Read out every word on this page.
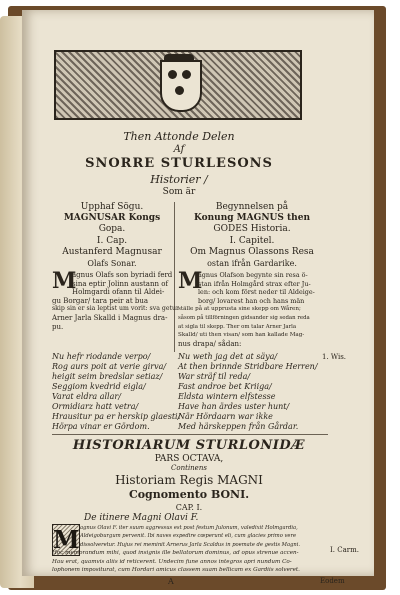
Then Attonde Delen
Af
SNORRE STURLESONS
Historier /
Som är
Upphaf Sögu.
MAGNUSAR Kongs
Gopa.
I. Cap.
Austanferd Magnusar
Olafs Sonar.
Begynnelsen på
Konung MAGNUS then
GODES Historia.
I. Capitel.
Om Magnus Olassons Resa
ostan ifrån Gardarike.
M
agnus Olafs son byriadi ferd
sina eptir Jolinn austann of
Holmgardi ofann til Aldei-
gu Borgar/ tara peir at bua
skip sin er sia leptist um vorit: sva getur
Arner Jarla Skalld i Magnus dra-
pu.
M
agnus Olafson begynte sin resa ö-
stan ifrån Holmgård strax efter Ju-
len: och kom först neder til Aldeige-
borg/ lovarest han och hans män
ställe på at upprusta sine skepp om Wåren;
såsom på tillförningen gidsander sig sedan reda
at sigla til skepp. Ther om talar Arner Jarla
Skalld/ uti then visan/ som han kallade Mag-
nus drapa/ sådan:
Nu hefr riodande verpo/
Rog aurs poit at verie girva/
heigit seim bredslar setiaz/
Seggiom kvedrid eigla/
Varat eldra allar/
Ormidiarz hatt vetra/
Hrausitur pa er herskip glaesti/
Hörpa vinar er Gördom.
Nu weth jag det at säya/
At then brinnde Stridbare Herren/
War sträf til reda/
Fast androe bet Kriiga/
Eldsta wintern elfstesse
Have han ärdes uster hunt/
När Hördaarn war ikke
Med härskeppen från Gårdar.
1. Wis.
HISTORIARUM STURLONIDÆ
PARS OCTAVA,
Continens
Historiam Regis MAGNI
Cognomento BONI.
CAP. I.
De itinere Magni Olavi F.
M agnus Olavi F. iter suum aggressus est post festum Julonum, valedixit Holmgardia,
Aldeigoburgum pervenit. Ibi naves expedire cœperunt eli, cum glacies primo vere
dissolveretur. Hujus rei meminit Arnerus Jarla Scaldus in poemate de gestis Magni.
Hoc memorandum mihi, quod insignis ille bellatorum dominus, ad opus strenue accen-
Hau erat, quamvis aliis id reticerent. Undecim fune annos integros apri nundum Co-
lophonem impositurat, cum Hordari amicus classem suam bellicam ex Gardiis solveret.
I. Carm.
A	Eodem
